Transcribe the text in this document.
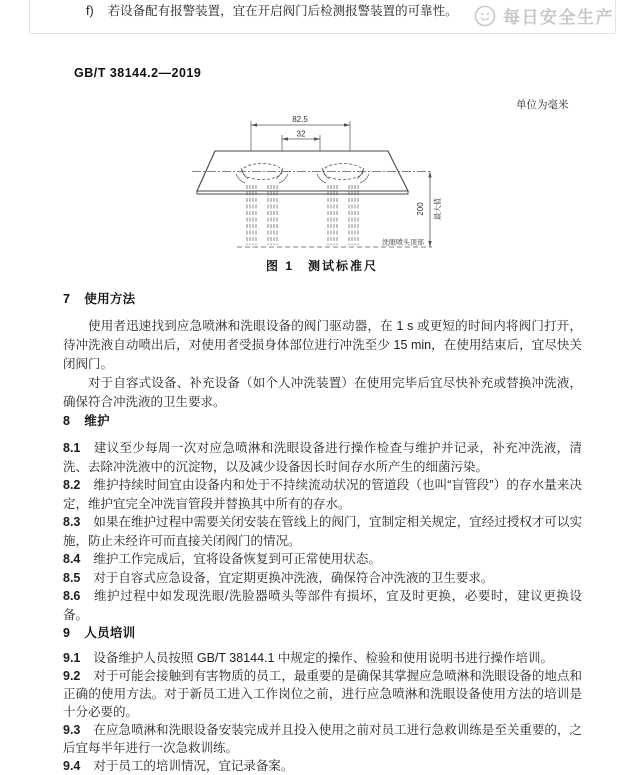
f) 若设备配有报警装置，宜在开启阀门后检测报警装置的可靠性。	每日安全生产
GB/T 38144.2—2019
单位为毫米
82.5
32
洗眼喷头顶部
200 最大值
图 1　测试标准尺
7 使用方法

使用者迅速找到应急喷淋和洗眼设备的阀门驱动器，在 1 s 或更短的时间内将阀门打开，待冲洗液自动喷出后，对使用者受损身体部位进行冲洗至少 15 min，在使用结束后，宜尽快关闭阀门。

对于自容式设备、补充设备（如个人冲洗装置）在使用完毕后宜尽快补充或替换冲洗液，确保符合冲洗液的卫生要求。

8 维护

8.1 建议至少每周一次对应急喷淋和洗眼设备进行操作检查与维护并记录，补充冲洗液，清洗、去除冲洗液中的沉淀物，以及减少设备因长时间存水所产生的细菌污染。

8.2 维护持续时间宜由设备内和处于不持续流动状况的管道段（也叫“盲管段”）的存水量来决定，维护宜完全冲洗盲管段并替换其中所有的存水。

8.3 如果在维护过程中需要关闭安装在管线上的阀门，宜制定相关规定，宜经过授权才可以实施，防止未经许可而直接关闭阀门的情况。

8.4 维护工作完成后，宜将设备恢复到可正常使用状态。

8.5 对于自容式应急设备，宜定期更换冲洗液，确保符合冲洗液的卫生要求。

8.6 维护过程中如发现洗眼/洗脸器喷头等部件有损坏，宜及时更换，必要时，建议更换设备。

9 人员培训

9.1 设备维护人员按照 GB/T 38144.1 中规定的操作、检验和使用说明书进行操作培训。

9.2 对于可能会接触到有害物质的员工，最重要的是确保其掌握应急喷淋和洗眼设备的地点和正确的使用方法。对于新员工进入工作岗位之前，进行应急喷淋和洗眼设备使用方法的培训是十分必要的。

9.3 在应急喷淋和洗眼设备安装完成并且投入使用之前对员工进行急救训练是至关重要的，之后宜每半年进行一次急救训练。

9.4 对于员工的培训情况，宜记录备案。
